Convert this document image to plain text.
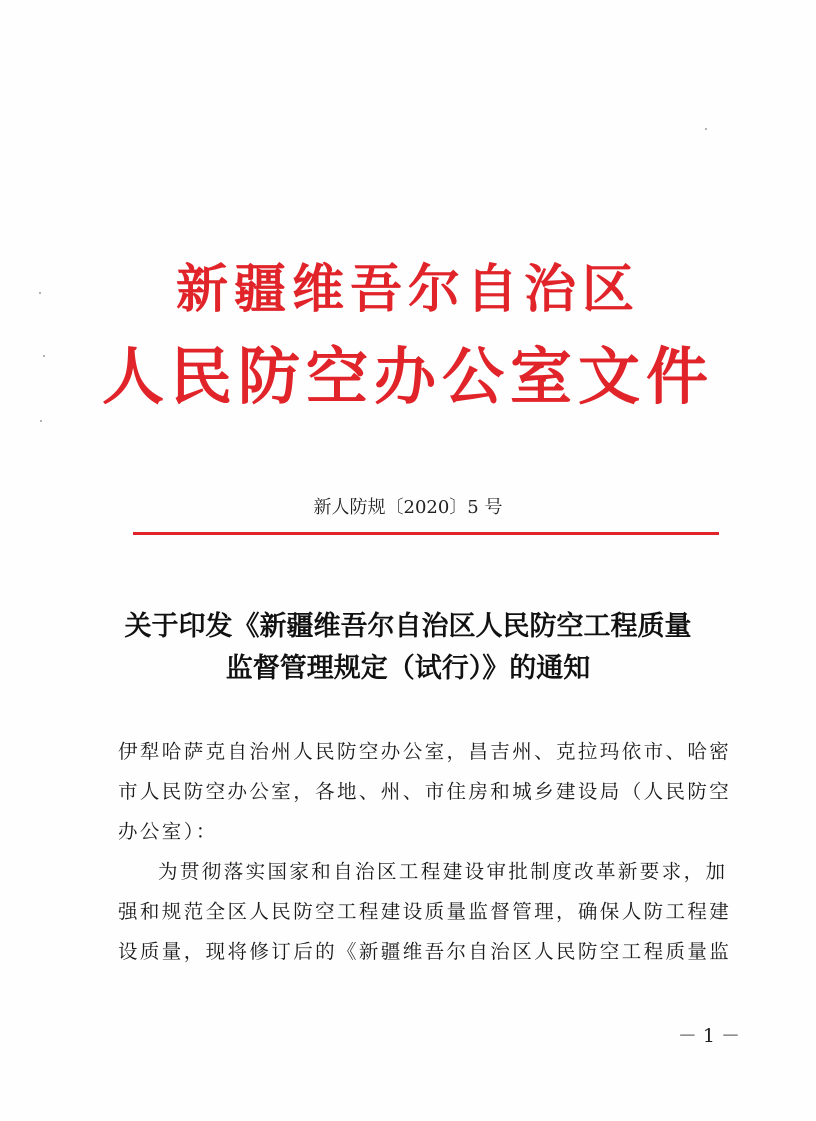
新疆维吾尔自治区
人民防空办公室文件
新人防规〔2020〕5 号
关于印发《新疆维吾尔自治区人民防空工程质量
监督管理规定（试行）》的通知
伊犁哈萨克自治州人民防空办公室，昌吉州、克拉玛依市、哈密
市人民防空办公室，各地、州、市住房和城乡建设局（人民防空
办公室）：
为贯彻落实国家和自治区工程建设审批制度改革新要求，加
强和规范全区人民防空工程建设质量监督管理，确保人防工程建
设质量，现将修订后的《新疆维吾尔自治区人民防空工程质量监
－ 1 －
